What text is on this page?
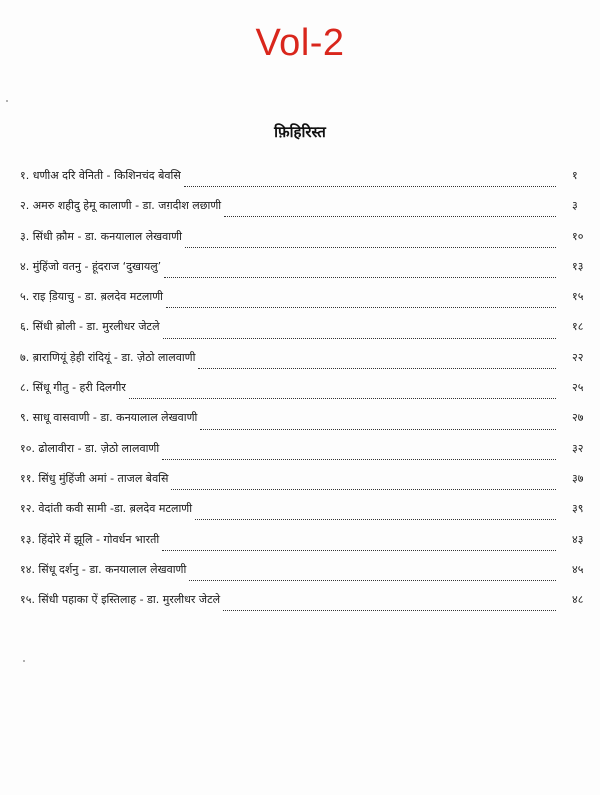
Vol-2
फ़िहिरिस्त
१. धणीअ दरि वेनिती - किशिनचंद बेवसि	१
२. अमरु शहीदु हेमू कालाणी - डा. जग़दीश लछाणी	३
३. सिंधी क़ौम - डा. कनयालाल लेखवाणी	१०
४. मुंहिंजो वतनु - हूंदराज ‘दुखायलु’	१३
५. राइ डि़याचु - डा. ब़लदेव मटलाणी	१५
६. सिंधी ब़ोली - डा. मुरलीधर जेटले	१८
७. ब़ाराणियूं ड़ेही रांदियूं - डा. ज़ेठो लालवाणी	२२
८. सिंधू गीतु - हरी दिलगीर	२५
९. साधू वासवाणी - डा. कनयालाल लेखवाणी	२७
१०. ढोलावीरा - डा. ज़ेठो लालवाणी	३२
११. सिंधु मुंहिंजी अमां - ताजल बेवसि	३७
१२. वेदांती कवी सामी -डा. ब़लदेव मटलाणी	३९
१३. हिंदोरे में झूलि - गोवर्धन भारती	४३
१४. सिंधू दर्शनु - डा. कनयालाल लेखवाणी	४५
१५. सिंधी पहाका ऐं इस्तिलाह - डा. मुरलीधर जेटले	४८
